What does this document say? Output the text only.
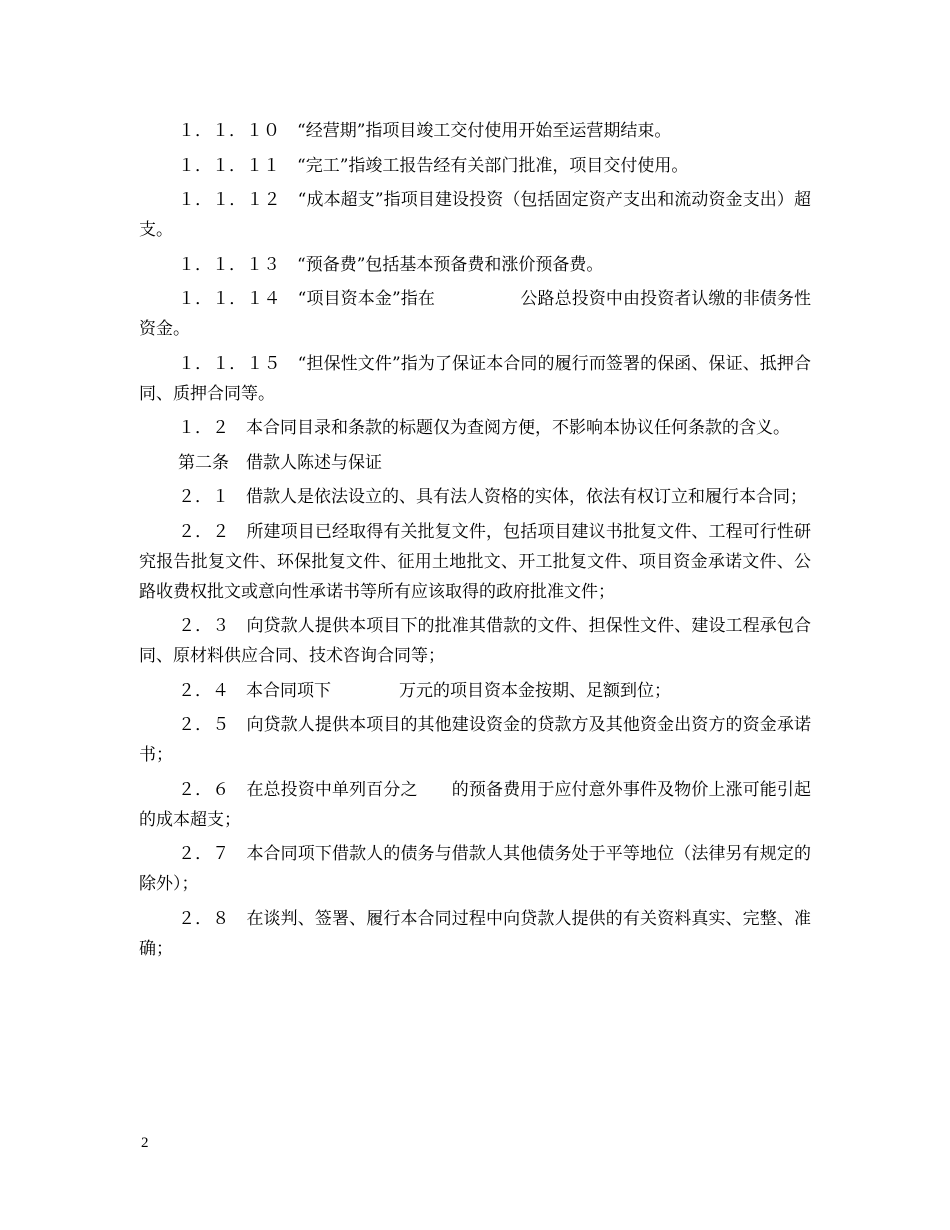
１．１．１０　“经营期”指项目竣工交付使用开始至运营期结束。

１．１．１１　“完工”指竣工报告经有关部门批准，项目交付使用。

１．１．１２　“成本超支”指项目建设投资（包括固定资产支出和流动资金支出）超支。

１．１．１３　“预备费”包括基本预备费和涨价预备费。

１．１．１４　“项目资本金”指在　　　　　公路总投资中由投资者认缴的非债务性资金。

１．１．１５　“担保性文件”指为了保证本合同的履行而签署的保函、保证、抵押合同、质押合同等。

１．２　本合同目录和条款的标题仅为查阅方便，不影响本协议任何条款的含义。

第二条　借款人陈述与保证

２．１　借款人是依法设立的、具有法人资格的实体，依法有权订立和履行本合同；

２．２　所建项目已经取得有关批复文件，包括项目建议书批复文件、工程可行性研究报告批复文件、环保批复文件、征用土地批文、开工批复文件、项目资金承诺文件、公路收费权批文或意向性承诺书等所有应该取得的政府批准文件；

２．３　向贷款人提供本项目下的批准其借款的文件、担保性文件、建设工程承包合同、原材料供应合同、技术咨询合同等；

２．４　本合同项下　　　　万元的项目资本金按期、足额到位；

２．５　向贷款人提供本项目的其他建设资金的贷款方及其他资金出资方的资金承诺书；

２．６　在总投资中单列百分之　　的预备费用于应付意外事件及物价上涨可能引起的成本超支；

２．７　本合同项下借款人的债务与借款人其他债务处于平等地位（法律另有规定的除外）；

２．８　在谈判、签署、履行本合同过程中向贷款人提供的有关资料真实、完整、准确；

2
